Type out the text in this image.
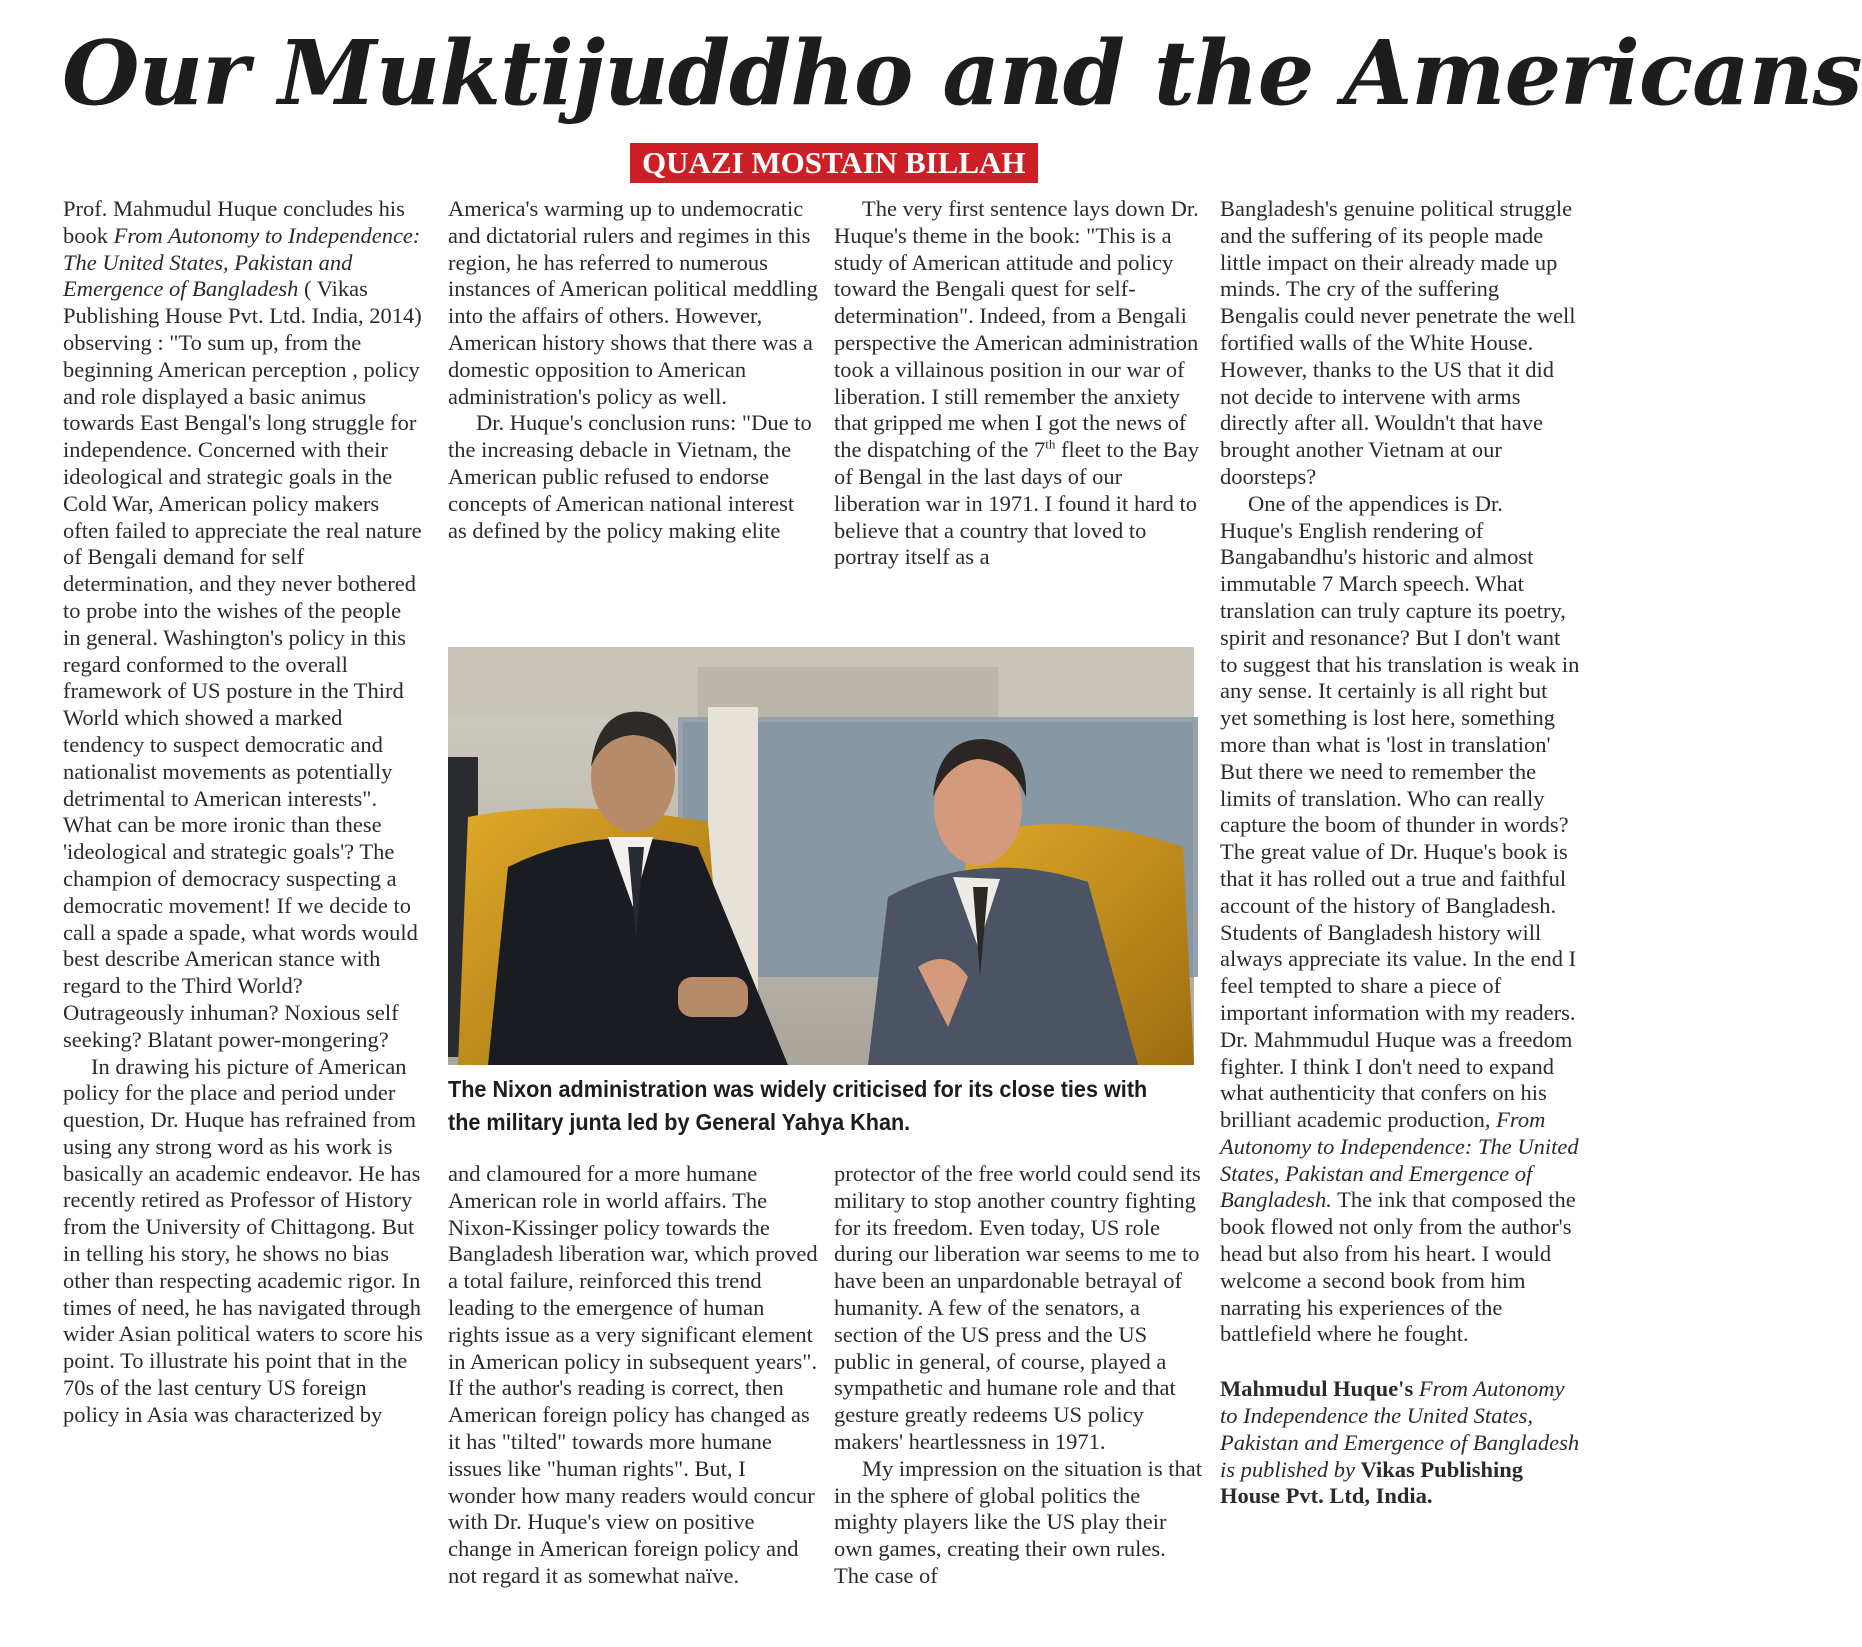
Our Muktijuddho and the Americans
QUAZI MOSTAIN BILLAH

Prof. Mahmudul Huque concludes his book From Autonomy to Independence: The United States, Pakistan and Emergence of Bangladesh ( Vikas Publishing House Pvt. Ltd. India, 2014) observing : "To sum up, from the beginning American perception , policy and role displayed a basic animus towards East Bengal's long struggle for independence. Concerned with their ideological and strategic goals in the Cold War, American policy makers often failed to appreciate the real nature of Bengali demand for self determination, and they never bothered to probe into the wishes of the people in general. Washington's policy in this regard conformed to the overall framework of US posture in the Third World which showed a marked tendency to suspect democratic and nationalist movements as potentially detrimental to American interests". What can be more ironic than these 'ideological and strategic goals'? The champion of democracy suspecting a democratic movement! If we decide to call a spade a spade, what words would best describe American stance with regard to the Third World? Outrageously inhuman? Noxious self seeking? Blatant power-mongering?

In drawing his picture of American policy for the place and period under question, Dr. Huque has refrained from using any strong word as his work is basically an academic endeavor. He has recently retired as Professor of History from the University of Chittagong. But in telling his story, he shows no bias other than respecting academic rigor. In times of need, he has navigated through wider Asian political waters to score his point. To illustrate his point that in the 70s of the last century US foreign policy in Asia was characterized by

America's warming up to undemocratic and dictatorial rulers and regimes in this region, he has referred to numerous instances of American political meddling into the affairs of others. However, American history shows that there was a domestic opposition to American administration's policy as well.

Dr. Huque's conclusion runs: "Due to the increasing debacle in Vietnam, the American public refused to endorse concepts of American national interest as defined by the policy making elite

The very first sentence lays down Dr. Huque's theme in the book: "This is a study of American attitude and policy toward the Bengali quest for self-determination". Indeed, from a Bengali perspective the American administration took a villainous position in our war of liberation. I still remember the anxiety that gripped me when I got the news of the dispatching of the 7th fleet to the Bay of Bengal in the last days of our liberation war in 1971. I found it hard to believe that a country that loved to portray itself as a

The Nixon administration was widely criticised for its close ties with the military junta led by General Yahya Khan.

and clamoured for a more humane American role in world affairs. The Nixon-Kissinger policy towards the Bangladesh liberation war, which proved a total failure, reinforced this trend leading to the emergence of human rights issue as a very significant element in American policy in subsequent years". If the author's reading is correct, then American foreign policy has changed as it has "tilted" towards more humane issues like "human rights". But, I wonder how many readers would concur with Dr. Huque's view on positive change in American foreign policy and not regard it as somewhat naïve.

protector of the free world could send its military to stop another country fighting for its freedom. Even today, US role during our liberation war seems to me to have been an unpardonable betrayal of humanity. A few of the senators, a section of the US press and the US public in general, of course, played a sympathetic and humane role and that gesture greatly redeems US policy makers' heartlessness in 1971.

My impression on the situation is that in the sphere of global politics the mighty players like the US play their own games, creating their own rules. The case of

Bangladesh's genuine political struggle and the suffering of its people made little impact on their already made up minds. The cry of the suffering Bengalis could never penetrate the well fortified walls of the White House. However, thanks to the US that it did not decide to intervene with arms directly after all. Wouldn't that have brought another Vietnam at our doorsteps?

One of the appendices is Dr. Huque's English rendering of Bangabandhu's historic and almost immutable 7 March speech. What translation can truly capture its poetry, spirit and resonance? But I don't want to suggest that his translation is weak in any sense. It certainly is all right but yet something is lost here, something more than what is 'lost in translation' But there we need to remember the limits of translation. Who can really capture the boom of thunder in words? The great value of Dr. Huque's book is that it has rolled out a true and faithful account of the history of Bangladesh. Students of Bangladesh history will always appreciate its value. In the end I feel tempted to share a piece of important information with my readers. Dr. Mahmmudul Huque was a freedom fighter. I think I don't need to expand what authenticity that confers on his brilliant academic production, From Autonomy to Independence: The United States, Pakistan and Emergence of Bangladesh. The ink that composed the book flowed not only from the author's head but also from his heart. I would welcome a second book from him narrating his experiences of the battlefield where he fought.

Mahmudul Huque's From Autonomy to Independence the United States, Pakistan and Emergence of Bangladesh is published by Vikas Publishing House Pvt. Ltd, India.
